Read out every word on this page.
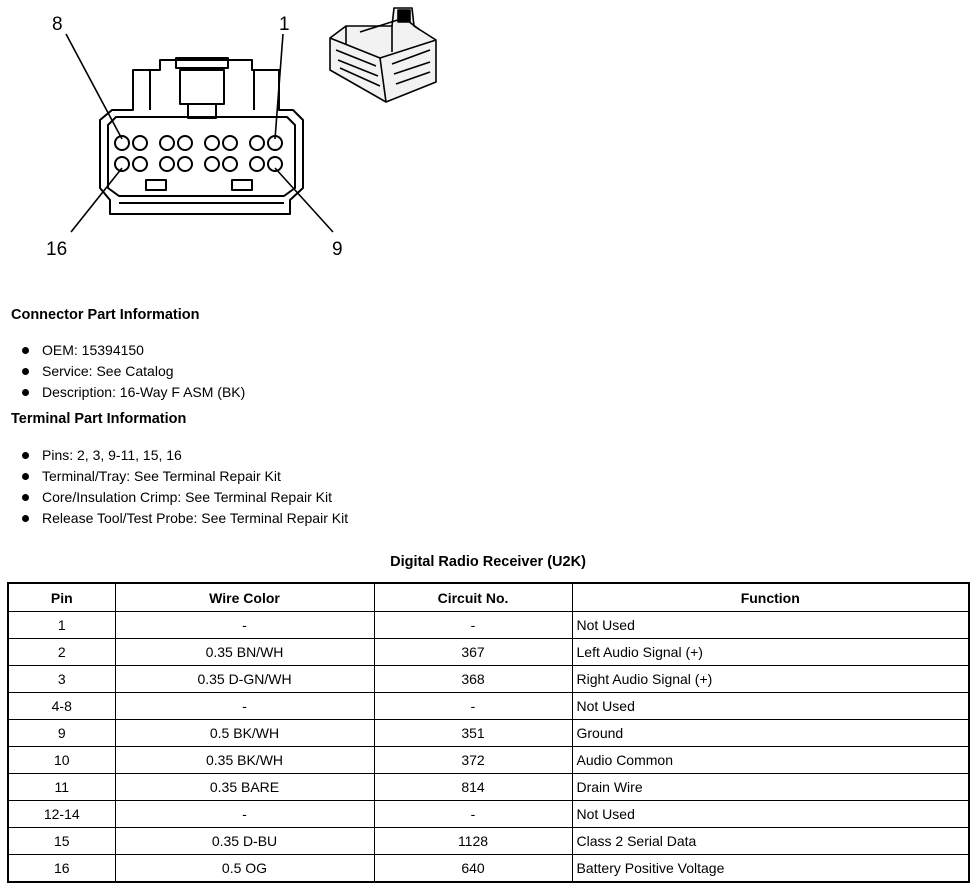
8	1
16	9
Connector Part Information
OEM: 15394150
Service: See Catalog
Description: 16-Way F ASM (BK)
Terminal Part Information
Pins: 2, 3, 9-11, 15, 16
Terminal/Tray: See Terminal Repair Kit
Core/Insulation Crimp: See Terminal Repair Kit
Release Tool/Test Probe: See Terminal Repair Kit
Digital Radio Receiver (U2K)
Pin	Wire Color	Circuit No.	Function
1	-	-	Not Used
2	0.35 BN/WH	367	Left Audio Signal (+)
3	0.35 D-GN/WH	368	Right Audio Signal (+)
4-8	-	-	Not Used
9	0.5 BK/WH	351	Ground
10	0.35 BK/WH	372	Audio Common
11	0.35 BARE	814	Drain Wire
12-14	-	-	Not Used
15	0.35 D-BU	1128	Class 2 Serial Data
16	0.5 OG	640	Battery Positive Voltage
